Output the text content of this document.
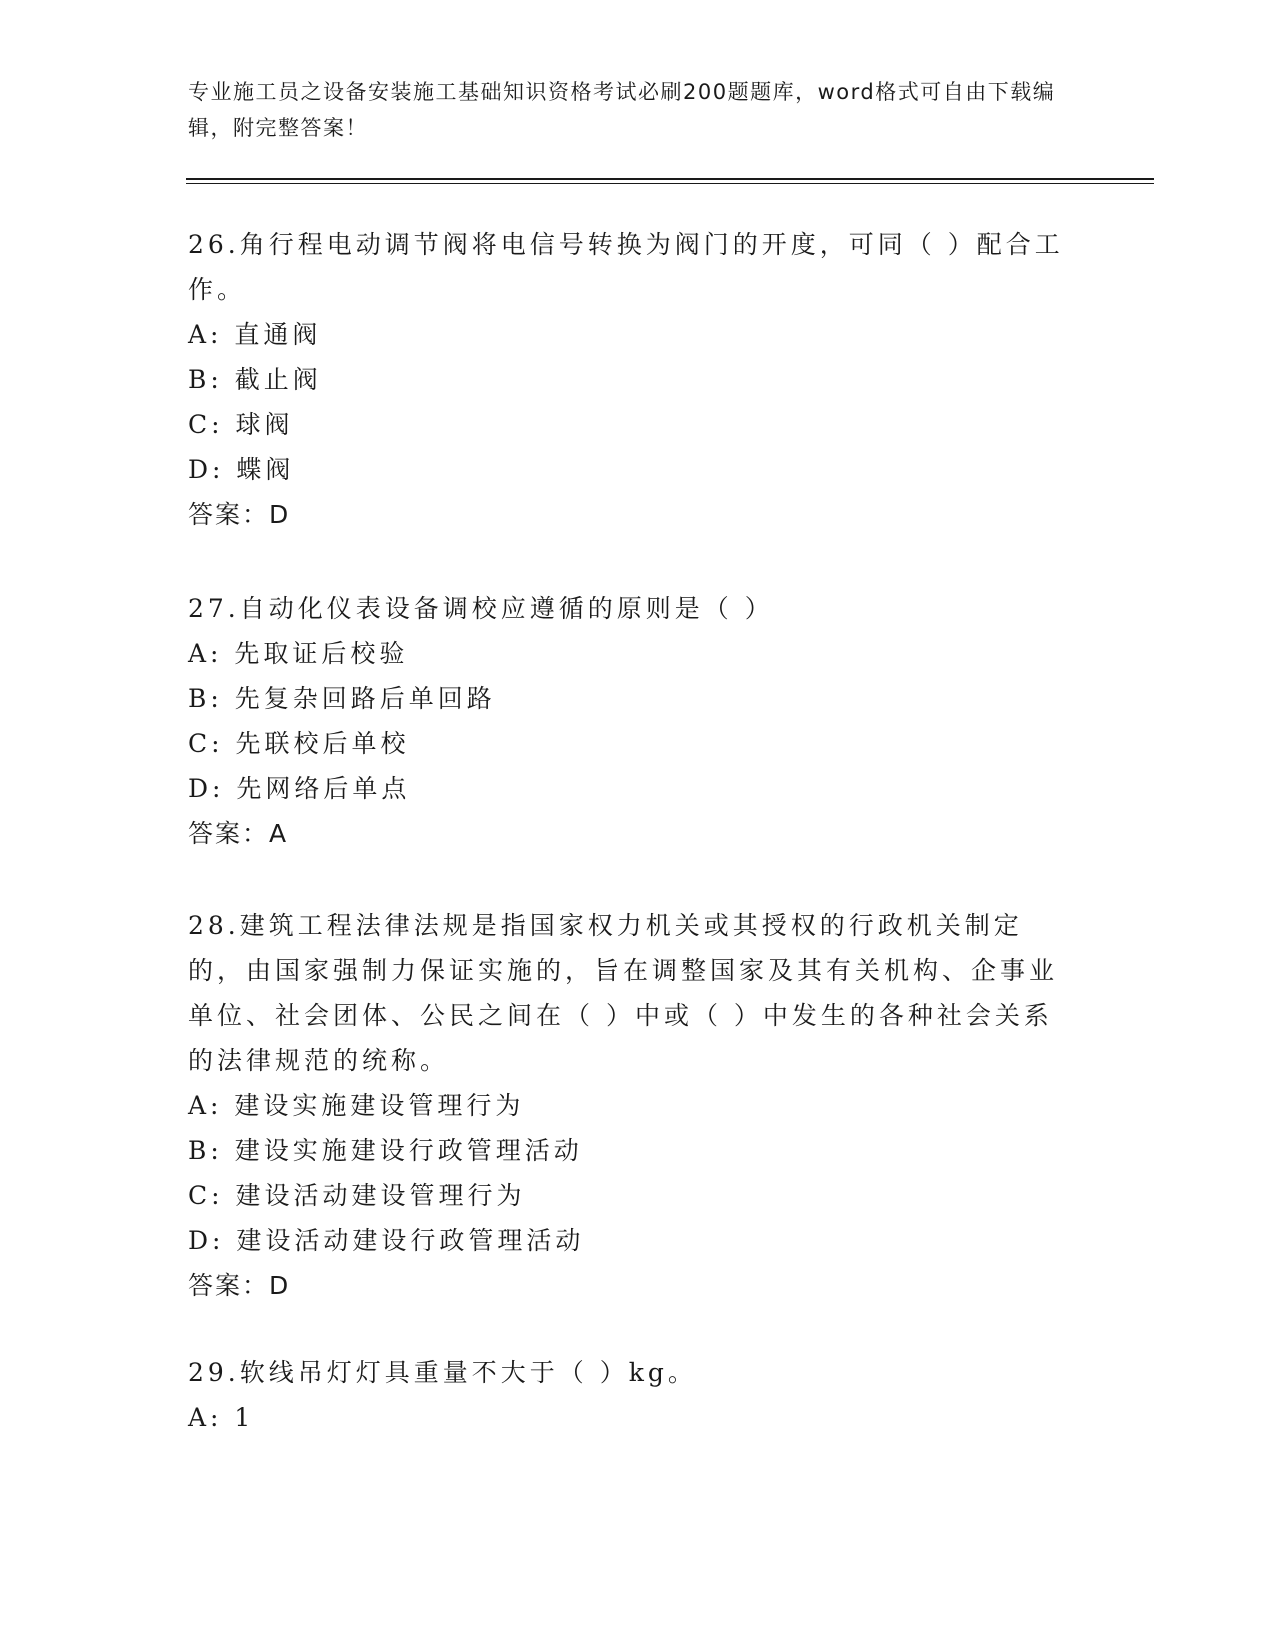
专业施工员之设备安装施工基础知识资格考试必刷200题题库，word格式可自由下载编辑，附完整答案！
26.角行程电动调节阀将电信号转换为阀门的开度，可同（ ）配合工作。
A: 直通阀
B: 截止阀
C: 球阀
D: 蝶阀
答案：D
27.自动化仪表设备调校应遵循的原则是（ ）
A: 先取证后校验
B: 先复杂回路后单回路
C: 先联校后单校
D: 先网络后单点
答案：A
28.建筑工程法律法规是指国家权力机关或其授权的行政机关制定的，由国家强制力保证实施的，旨在调整国家及其有关机构、企事业单位、社会团体、公民之间在（ ）中或（ ）中发生的各种社会关系的法律规范的统称。
A: 建设实施建设管理行为
B: 建设实施建设行政管理活动
C: 建设活动建设管理行为
D: 建设活动建设行政管理活动
答案：D
29.软线吊灯灯具重量不大于（ ）kg。
A: 1
